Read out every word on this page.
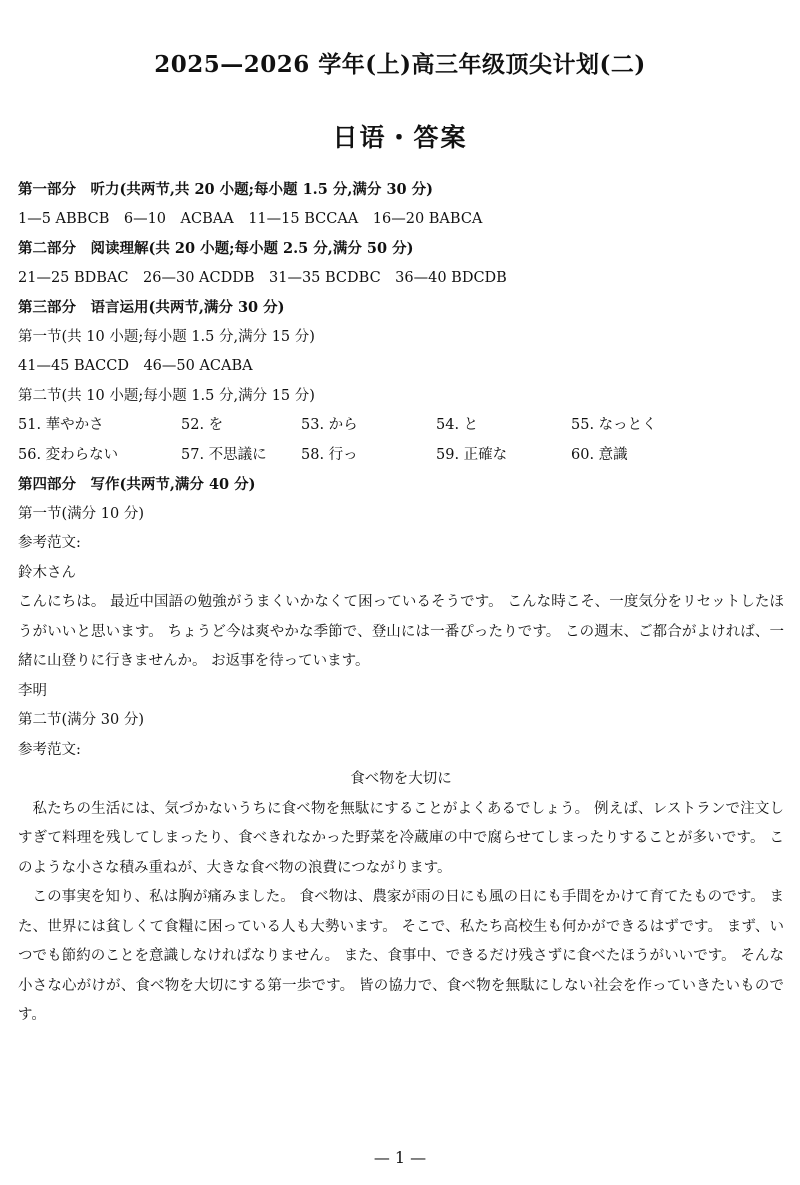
2025—2026 学年(上)高三年级顶尖计划(二)
日语・答案
第一部分　听力(共两节,共 20 小题;每小题 1.5 分,满分 30 分)
1—5 ABBCB　6—10　ACBAA　11—15 BCCAA　16—20 BABCA
第二部分　阅读理解(共 20 小题;每小题 2.5 分,满分 50 分)
21—25 BDBAC　26—30 ACDDB　31—35 BCDBC　36—40 BDCDB
第三部分　语言运用(共两节,满分 30 分)
第一节(共 10 小题;每小题 1.5 分,满分 15 分)
41—45 BACCD　46—50 ACABA
第二节(共 10 小题;每小题 1.5 分,满分 15 分)
51. 華やかさ	52. を	53. から	54. と	55. なっとく
56. 変わらない	57. 不思議に	58. 行っ	59. 正確な	60. 意識
第四部分　写作(共两节,满分 40 分)
第一节(满分 10 分)
参考范文:
鈴木さん
こんにちは。 最近中国語の勉強がうまくいかなくて困っているそうです。 こんな時こそ、一度気分をリセットしたほうがいいと思います。 ちょうど今は爽やかな季節で、登山には一番ぴったりです。 この週末、ご都合がよければ、一緒に山登りに行きませんか。 お返事を待っています。
李明
第二节(满分 30 分)
参考范文:
食べ物を大切に
私たちの生活には、気づかないうちに食べ物を無駄にすることがよくあるでしょう。 例えば、レストランで注文しすぎて料理を残してしまったり、食べきれなかった野菜を冷蔵庫の中で腐らせてしまったりすることが多いです。 このような小さな積み重ねが、大きな食べ物の浪費につながります。
この事実を知り、私は胸が痛みました。 食べ物は、農家が雨の日にも風の日にも手間をかけて育てたものです。 また、世界には貧しくて食糧に困っている人も大勢います。 そこで、私たち高校生も何かができるはずです。 まず、いつでも節約のことを意識しなければなりません。 また、食事中、できるだけ残さずに食べたほうがいいです。 そんな小さな心がけが、食べ物を大切にする第一歩です。 皆の協力で、食べ物を無駄にしない社会を作っていきたいものです。
— 1 —
